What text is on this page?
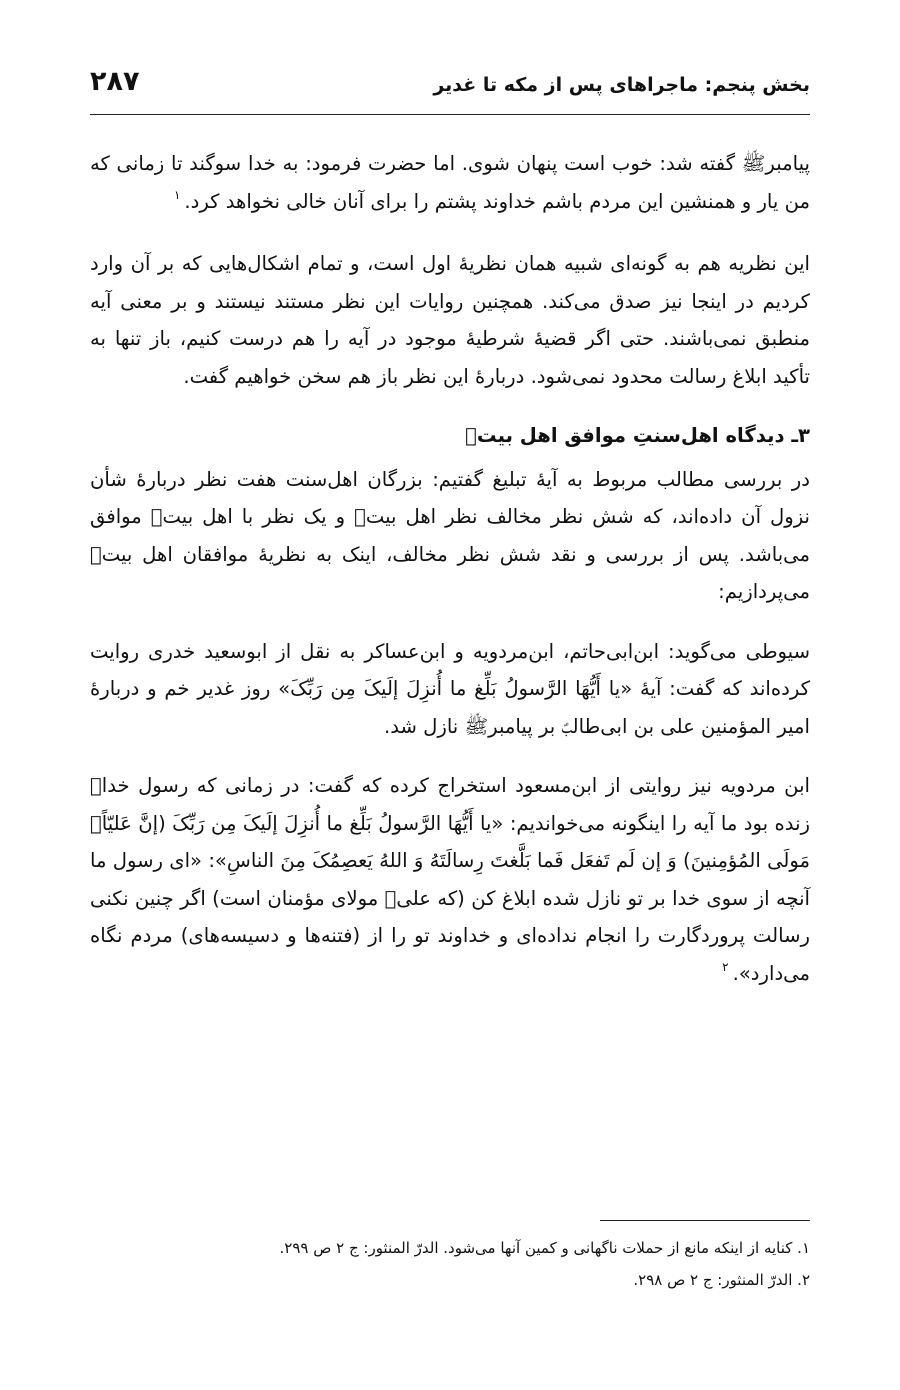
بخش پنجم: ماجراهای پس از مکه تا غدیر
۲۸۷

پیامبرﷺ گفته شد: خوب است پنهان شوی. اما حضرت فرمود: به خدا سوگند تا زمانی که من یار و همنشین این مردم باشم خداوند پشتم را برای آنان خالی نخواهد کرد.$^۱$

این نظریه هم به گونه‌ای شبیه همان نظریهٔ اول است، و تمام اشکال‌هایی که بر آن وارد کردیم در اینجا نیز صدق می‌کند. همچنین روایات این نظر مستند نیستند و بر معنی آیه منطبق نمی‌باشند. حتی اگر قضیهٔ شرطیهٔ موجود در آیه را هم درست کنیم، باز تنها به تأکید ابلاغ رسالت محدود نمی‌شود. دربارهٔ این نظر باز هم سخن خواهیم گفت.

۳ـ دیدگاه اهل‌سنتِ موافق اهل بیتؑ

در بررسی مطالب مربوط به آیهٔ تبلیغ گفتیم: بزرگان اهل‌سنت هفت نظر دربارهٔ شأن نزول آن داده‌اند، که شش نظر مخالف نظر اهل بیتؑ و یک نظر با اهل بیتؑ موافق می‌باشد. پس از بررسی و نقد شش نظر مخالف، اینک به نظریهٔ موافقان اهل بیتؑ می‌پردازیم:

سیوطی می‌گوید: ابن‌ابی‌حاتم، ابن‌مردویه و ابن‌عساکر به نقل از ابوسعید خدری روایت کرده‌اند که گفت: آیهٔ «یا أَیُّهَا الرَّسولُ بَلِّغ ما أُنزِلَ إلَیکَ مِن رَبِّکَ» روز غدیر خم و دربارهٔ امیر المؤمنین علی بن ابی‌طالبؑ بر پیامبرﷺ نازل شد.

ابن مردویه نیز روایتی از ابن‌مسعود استخراج کرده که گفت: در زمانی که رسول خداﷺ زنده بود ما آیه را اینگونه می‌خواندیم: «یا أَیُّهَا الرَّسولُ بَلِّغ ما أُنزِلَ إلَیکَ مِن رَبِّکَ (إنَّ عَلیّاًؑ مَولَی المُؤمِنینَ) وَ إن لَم تَفعَل فَما بَلَّغتَ رِسالَتَهُ وَ اللهُ یَعصِمُکَ مِنَ الناسِ»: «ای رسول ما آنچه از سوی خدا بر تو نازل شده ابلاغ کن (که علیؑ مولای مؤمنان است) اگر چنین نکنی رسالت پروردگارت را انجام نداده‌ای و خداوند تو را از (فتنه‌ها و دسیسه‌های) مردم نگاه می‌دارد».$^۲$

۱. کنایه از اینکه مانع از حملات ناگهانی و کمین آنها می‌شود. الدرّ المنثور: ج ۲ ص ۲۹۹.
۲. الدرّ المنثور: ج ۲ ص ۲۹۸.
